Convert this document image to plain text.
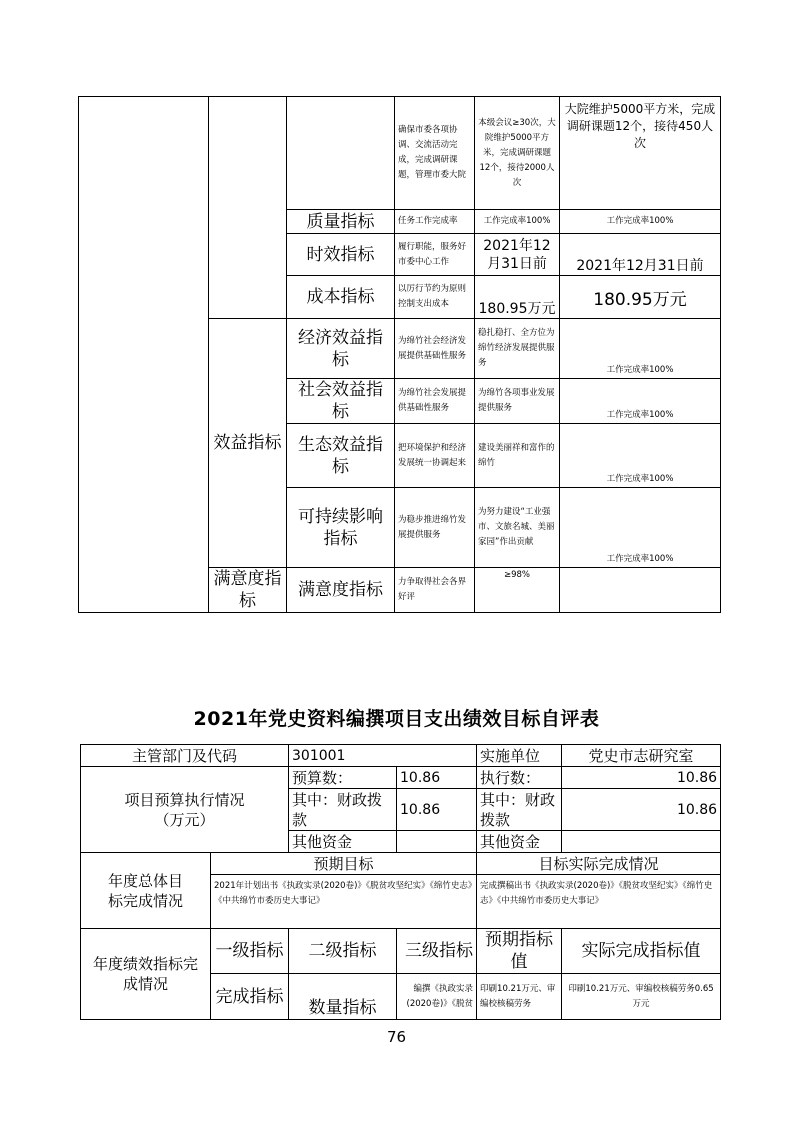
			确保市委各项协调、交流活动完成，完成调研课题，管理市委大院	本级会议≥30次，大院维护5000平方米，完成调研课题12个，接待2000人次	大院维护5000平方米，完成调研课题12个，接待450人次
		质量指标	任务工作完成率	工作完成率100%	工作完成率100%
		时效指标	履行职能，服务好市委中心工作	2021年12月31日前	2021年12月31日前
		成本指标	以厉行节约为原则控制支出成本	180.95万元	180.95万元
	效益指标	经济效益指标	为绵竹社会经济发展提供基础性服务	稳扎稳打、全方位为绵竹经济发展提供服务	工作完成率100%
		社会效益指标	为绵竹社会发展提供基础性服务	为绵竹各项事业发展提供服务	工作完成率100%
		生态效益指标	把环境保护和经济发展统一协调起来	建设美丽祥和富作的绵竹	工作完成率100%
		可持续影响指标	为稳步推进绵竹发展提供服务	为努力建设“工业强市、文旅名城、美丽家园”作出贡献	工作完成率100%
	满意度指标	满意度指标	力争取得社会各界好评	≥98%	
2021年党史资料编撰项目支出绩效目标自评表
主管部门及代码		301001		实施单位	党史市志研究室
项目预算执行情况（万元）		预算数：	10.86	执行数：	10.86
		其中：财政拨款	10.86	其中：财政拨款	10.86
		其他资金		其他资金	
年度总体目标完成情况	预期目标			目标实际完成情况	
	2021年计划出书《执政实录(2020卷)》《脱贫攻坚纪实》《绵竹史志》《中共绵竹市委历史大事记》			完成撰稿出书《执政实录(2020卷)》《脱贫攻坚纪实》《绵竹史志》《中共绵竹市委历史大事记》	
年度绩效指标完成情况	一级指标	二级指标	三级指标	预期指标值	实际完成指标值
	完成指标	数量指标	编撰《执政实录(2020卷)》《脱贫	印刷10.21万元、审编校核稿劳务	印刷10.21万元、审编校核稿劳务0.65万元
76
